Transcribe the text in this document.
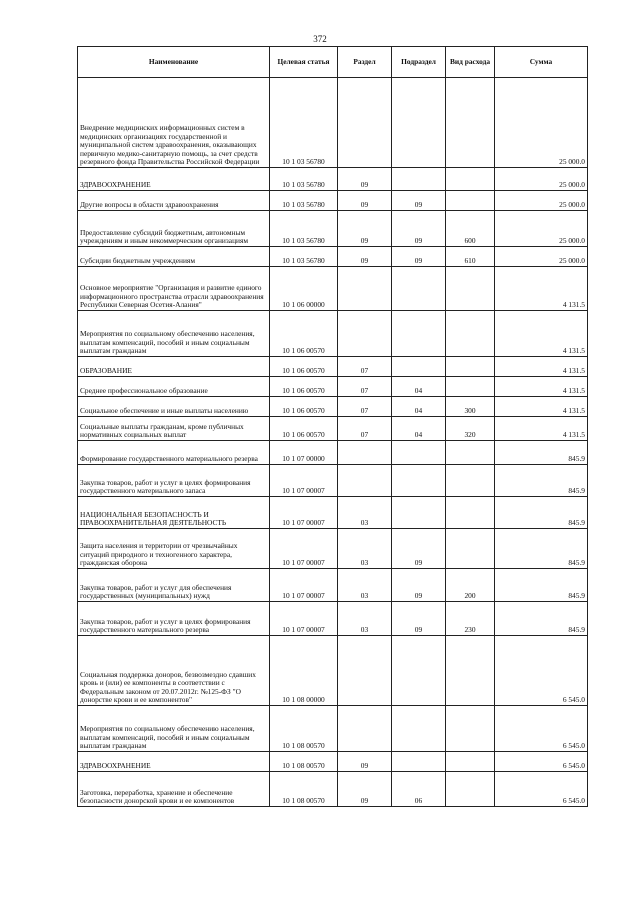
372
Наименование	Целевая статья	Раздел	Подраздел	Вид расхода	Сумма
Внедрение медицинских информационных систем в медицинских организациях государственной и муниципальной систем здравоохранения, оказывающих первичную медико-санитарную помощь, за счет средств резервного фонда Правительства Российской Федерации	10 1 03 56780				25 000.0
ЗДРАВООХРАНЕНИЕ	10 1 03 56780	09			25 000.0
Другие вопросы в области здравоохранения	10 1 03 56780	09	09		25 000.0
Предоставление субсидий бюджетным, автономным учреждениям и иным некоммерческим организациям	10 1 03 56780	09	09	600	25 000.0
Субсидии бюджетным учреждениям	10 1 03 56780	09	09	610	25 000.0
Основное мероприятие "Организация и развитие единого информационного пространства отрасли здравоохранения Республики Северная Осетия-Алания"	10 1 06 00000				4 131.5
Мероприятия по социальному обеспечению населения, выплатам компенсаций, пособий и иным социальным выплатам гражданам	10 1 06 00570				4 131.5
ОБРАЗОВАНИЕ	10 1 06 00570	07			4 131.5
Среднее профессиональное образование	10 1 06 00570	07	04		4 131.5
Социальное обеспечение и иные выплаты населению	10 1 06 00570	07	04	300	4 131.5
Социальные выплаты гражданам, кроме публичных нормативных социальных выплат	10 1 06 00570	07	04	320	4 131.5
Формирование государственного материального резерва	10 1 07 00000				845.9
Закупка товаров, работ и услуг в целях формирования государственного материального запаса	10 1 07 00007				845.9
НАЦИОНАЛЬНАЯ БЕЗОПАСНОСТЬ И ПРАВООХРАНИТЕЛЬНАЯ ДЕЯТЕЛЬНОСТЬ	10 1 07 00007	03			845.9
Защита населения и территории от чрезвычайных ситуаций природного и техногенного характера, гражданская оборона	10 1 07 00007	03	09		845.9
Закупка товаров, работ и услуг для обеспечения государственных (муниципальных) нужд	10 1 07 00007	03	09	200	845.9
Закупка товаров, работ и услуг в целях формирования государственного материального резерва	10 1 07 00007	03	09	230	845.9
Социальная поддержка доноров, безвозмездно сдавших кровь и (или) ее компоненты в соответствии с Федеральным законом от 20.07.2012г. №125-ФЗ "О донорстве крови и ее компонентов"	10 1 08 00000				6 545.0
Мероприятия по социальному обеспечению населения, выплатам компенсаций, пособий и иным социальным выплатам гражданам	10 1 08 00570				6 545.0
ЗДРАВООХРАНЕНИЕ	10 1 08 00570	09			6 545.0
Заготовка, переработка, хранение и обеспечение безопасности донорской крови и ее компонентов	10 1 08 00570	09	06		6 545.0
